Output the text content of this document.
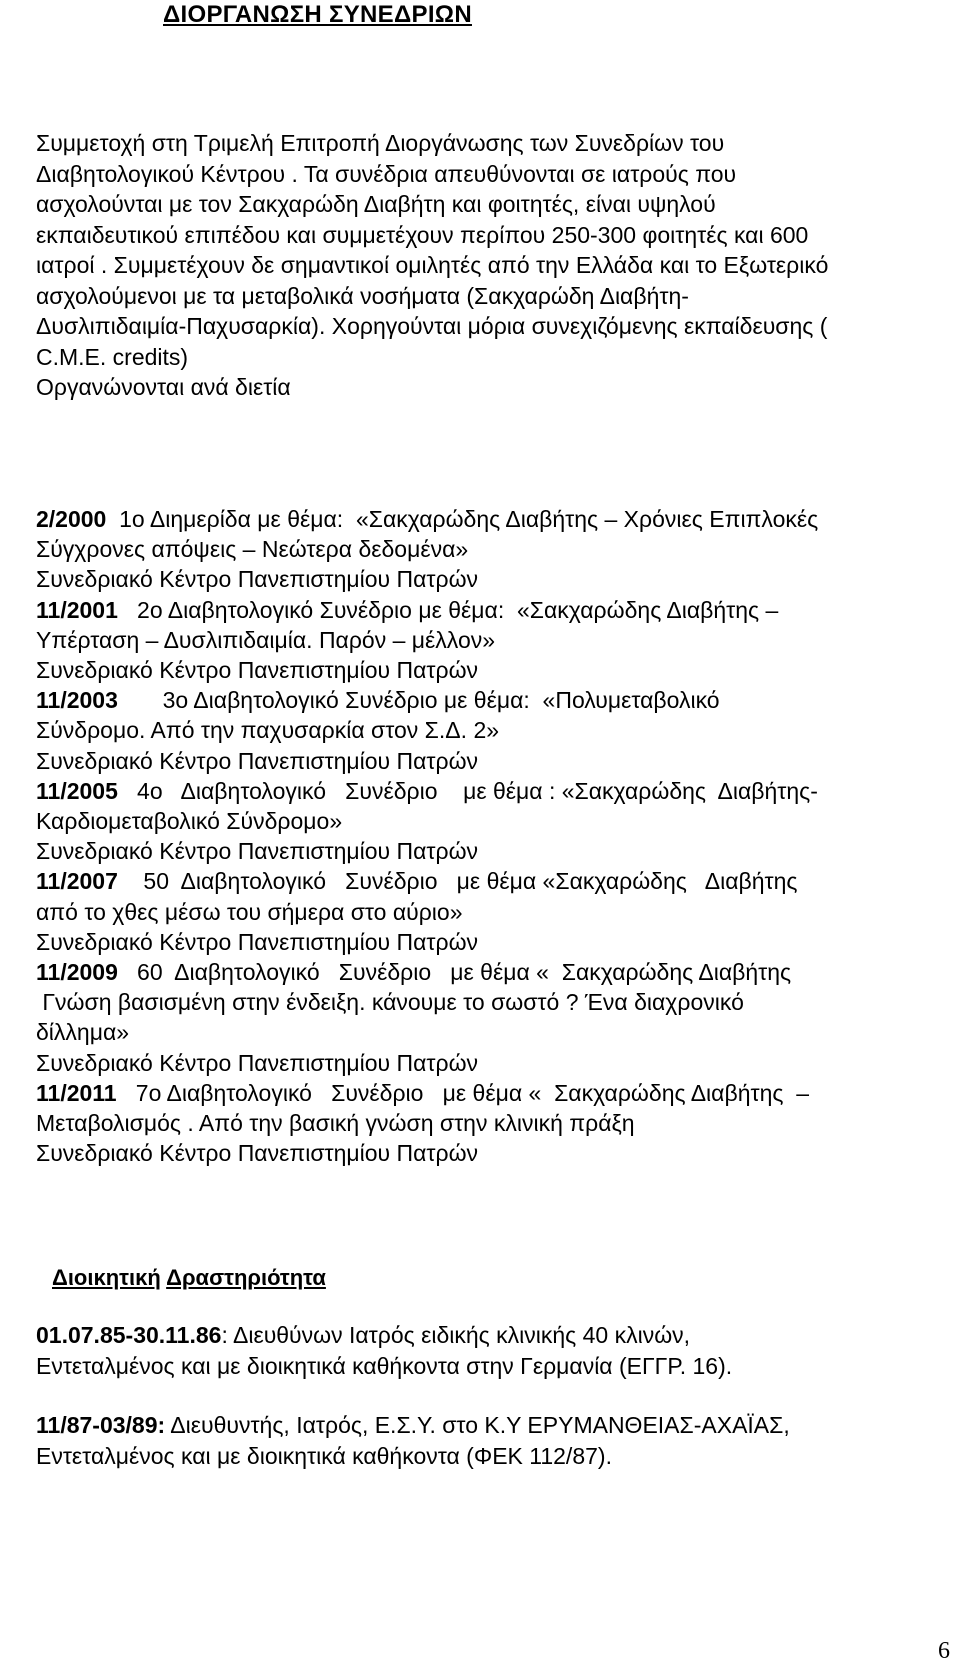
ΔΙΟΡΓΑΝΩΣΗ ΣΥΝΕΔΡΙΩΝ
Συμμετοχή στη Τριμελή Επιτροπή Διοργάνωσης των Συνεδρίων του
Διαβητολογικού Κέντρου . Τα συνέδρια απευθύνονται σε ιατρούς που
ασχολούνται με τον Σακχαρώδη Διαβήτη και φοιτητές, είναι υψηλού
εκπαιδευτικού επιπέδου και συμμετέχουν περίπου 250-300 φοιτητές και 600
ιατροί . Συμμετέχουν δε σημαντικοί ομιλητές από την Ελλάδα και το Εξωτερικό
ασχολούμενοι με τα μεταβολικά νοσήματα (Σακχαρώδη Διαβήτη-
Δυσλιπιδαιμία-Παχυσαρκία). Χορηγούνται μόρια συνεχιζόμενης εκπαίδευσης (
C.M.E. credits)
Οργανώνονται ανά διετία
2/2000  1ο Διημερίδα με θέμα:  «Σακχαρώδης Διαβήτης – Χρόνιες Επιπλοκές
Σύγχρονες απόψεις – Νεώτερα δεδομένα»
Συνεδριακό Κέντρο Πανεπιστημίου Πατρών
11/2001   2ο Διαβητολογικό Συνέδριο με θέμα:  «Σακχαρώδης Διαβήτης –
Υπέρταση – Δυσλιπιδαιμία. Παρόν – μέλλον»
Συνεδριακό Κέντρο Πανεπιστημίου Πατρών
11/2003       3ο Διαβητολογικό Συνέδριο με θέμα:  «Πολυμεταβολικό
Σύνδρομο. Από την παχυσαρκία στον Σ.Δ. 2»
Συνεδριακό Κέντρο Πανεπιστημίου Πατρών
11/2005   4ο   Διαβητολογικό   Συνέδριο    με θέμα : «Σακχαρώδης  Διαβήτης-
Καρδιομεταβολικό Σύνδρομο»
Συνεδριακό Κέντρο Πανεπιστημίου Πατρών
11/2007    50  Διαβητολογικό   Συνέδριο   με θέμα «Σακχαρώδης   Διαβήτης
από το χθες μέσω του σήμερα στο αύριο»
Συνεδριακό Κέντρο Πανεπιστημίου Πατρών
11/2009   60  Διαβητολογικό   Συνέδριο   με θέμα «  Σακχαρώδης Διαβήτης
Γνώση βασισμένη στην ένδειξη. κάνουμε το σωστό ? Ένα διαχρονικό
δίλλημα»
Συνεδριακό Κέντρο Πανεπιστημίου Πατρών
11/2011   7ο Διαβητολογικό   Συνέδριο   με θέμα «  Σακχαρώδης Διαβήτης  –
Μεταβολισμός . Από την βασική γνώση στην κλινική πράξη
Συνεδριακό Κέντρο Πανεπιστημίου Πατρών
Διοικητική Δραστηριότητα
01.07.85-30.11.86: Διευθύνων Ιατρός ειδικής κλινικής 40 κλινών,
Εντεταλμένος και με διοικητικά καθήκοντα στην Γερμανία (ΕΓΓΡ. 16).
11/87-03/89: Διευθυντής, Ιατρός, Ε.Σ.Υ. στο Κ.Υ ΕΡΥΜΑΝΘΕΙΑΣ-ΑΧΑΪΑΣ,
Εντεταλμένος και με διοικητικά καθήκοντα (ΦΕΚ 112/87).
6
